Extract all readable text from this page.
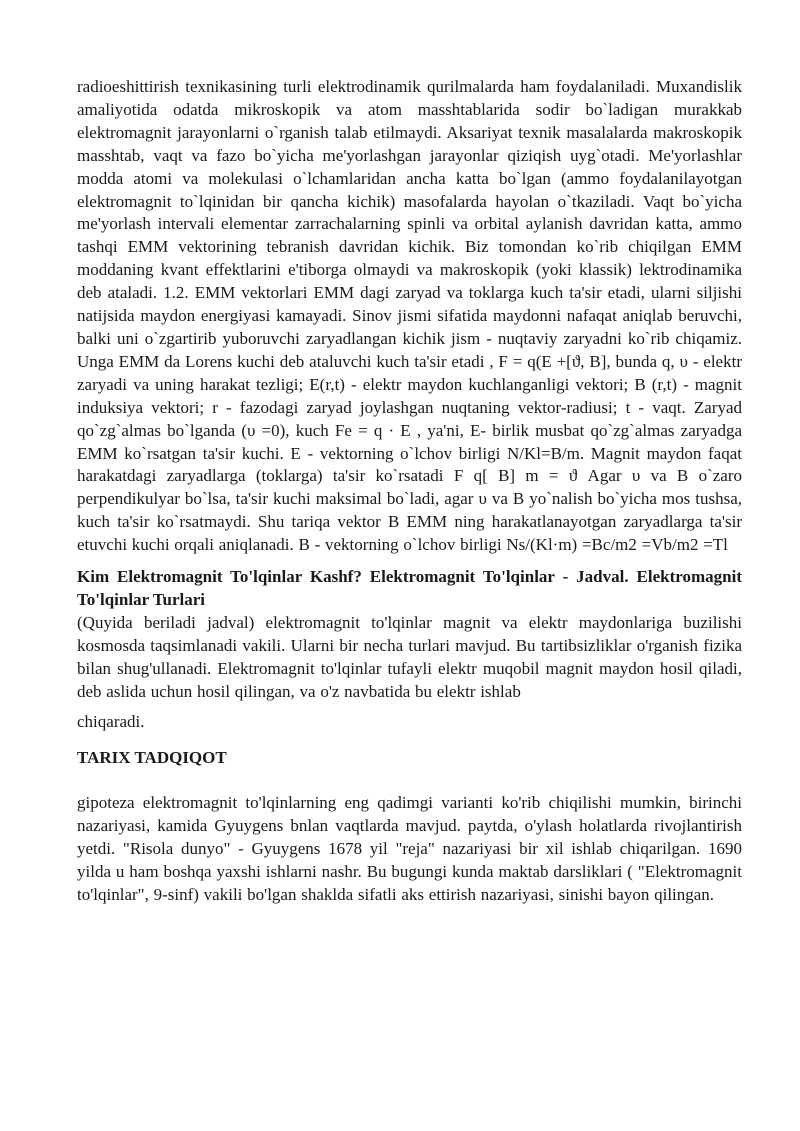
radioeshittirish texnikasining turli elektrodinamik qurilmalarda ham foydalaniladi. Muxandislik amaliyotida odatda mikroskopik va atom masshtablarida sodir bo`ladigan murakkab elektromagnit jarayonlarni o`rganish talab etilmaydi. Aksariyat texnik masalalarda makroskopik masshtab, vaqt va fazo bo`yicha me'yorlashgan jarayonlar qiziqish uyg`otadi. Me'yorlashlar modda atomi va molekulasi o`lchamlaridan ancha katta bo`lgan (ammo foydalanilayotgan elektromagnit to`lqinidan bir qancha kichik) masofalarda hayolan o`tkaziladi. Vaqt bo`yicha me'yorlash intervali elementar zarrachalarning spinli va orbital aylanish davridan katta, ammo tashqi EMM vektorining tebranish davridan kichik. Biz tomondan ko`rib chiqilgan EMM moddaning kvant effektlarini e'tiborga olmaydi va makroskopik (yoki klassik) lektrodinamika deb ataladi. 1.2. EMM vektorlari EMM dagi zaryad va toklarga kuch ta'sir etadi, ularni siljishi natijsida maydon energiyasi kamayadi. Sinov jismi sifatida maydonni nafaqat aniqlab beruvchi, balki uni o`zgartirib yuboruvchi zaryadlangan kichik jism - nuqtaviy zaryadni ko`rib chiqamiz. Unga EMM da Lorens kuchi deb ataluvchi kuch ta'sir etadi , F = q(E +[ϑ, B], bunda q, υ - elektr zaryadi va uning harakat tezligi; E(r,t) - elektr maydon kuchlanganligi vektori; B (r,t) - magnit induksiya vektori; r - fazodagi zaryad joylashgan nuqtaning vektor-radiusi; t - vaqt. Zaryad qo`zg`almas bo`lganda (υ =0), kuch Fe = q · E , ya'ni, E- birlik musbat qo`zg`almas zaryadga EMM ko`rsatgan ta'sir kuchi. E - vektorning o`lchov birligi N/Kl=B/m. Magnit maydon faqat harakatdagi zaryadlarga (toklarga) ta'sir ko`rsatadi F q[ B] m = ϑ Agar υ va B o`zaro perpendikulyar bo`lsa, ta'sir kuchi maksimal bo`ladi, agar υ va B yo`nalish bo`yicha mos tushsa, kuch ta'sir ko`rsatmaydi. Shu tariqa vektor B EMM ning harakatlanayotgan zaryadlarga ta'sir etuvchi kuchi orqali aniqlanadi. B - vektorning o`lchov birligi Ns/(Kl·m) =Bc/m2 =Vb/m2 =Tl

Kim Elektromagnit To'lqinlar Kashf? Elektromagnit To'lqinlar - Jadval. Elektromagnit To'lqinlar Turlari

(Quyida beriladi jadval) elektromagnit to'lqinlar magnit va elektr maydonlariga buzilishi kosmosda taqsimlanadi vakili. Ularni bir necha turlari mavjud. Bu tartibsizliklar o'rganish fizika bilan shug'ullanadi. Elektromagnit to'lqinlar tufayli elektr muqobil magnit maydon hosil qiladi, deb aslida uchun hosil qilingan, va o'z navbatida bu elektr ishlab

chiqaradi.

TARIX TADQIQOT

gipoteza elektromagnit to'lqinlarning eng qadimgi varianti ko'rib chiqilishi mumkin, birinchi nazariyasi, kamida Gyuygens bnlan vaqtlarda mavjud. paytda, o'ylash holatlarda rivojlantirish yetdi. "Risola dunyo" - Gyuygens 1678 yil "reja" nazariyasi bir xil ishlab chiqarilgan. 1690 yilda u ham boshqa yaxshi ishlarni nashr. Bu bugungi kunda maktab darsliklari ( "Elektromagnit to'lqinlar", 9-sinf) vakili bo'lgan shaklda sifatli aks ettirish nazariyasi, sinishi bayon qilingan.
